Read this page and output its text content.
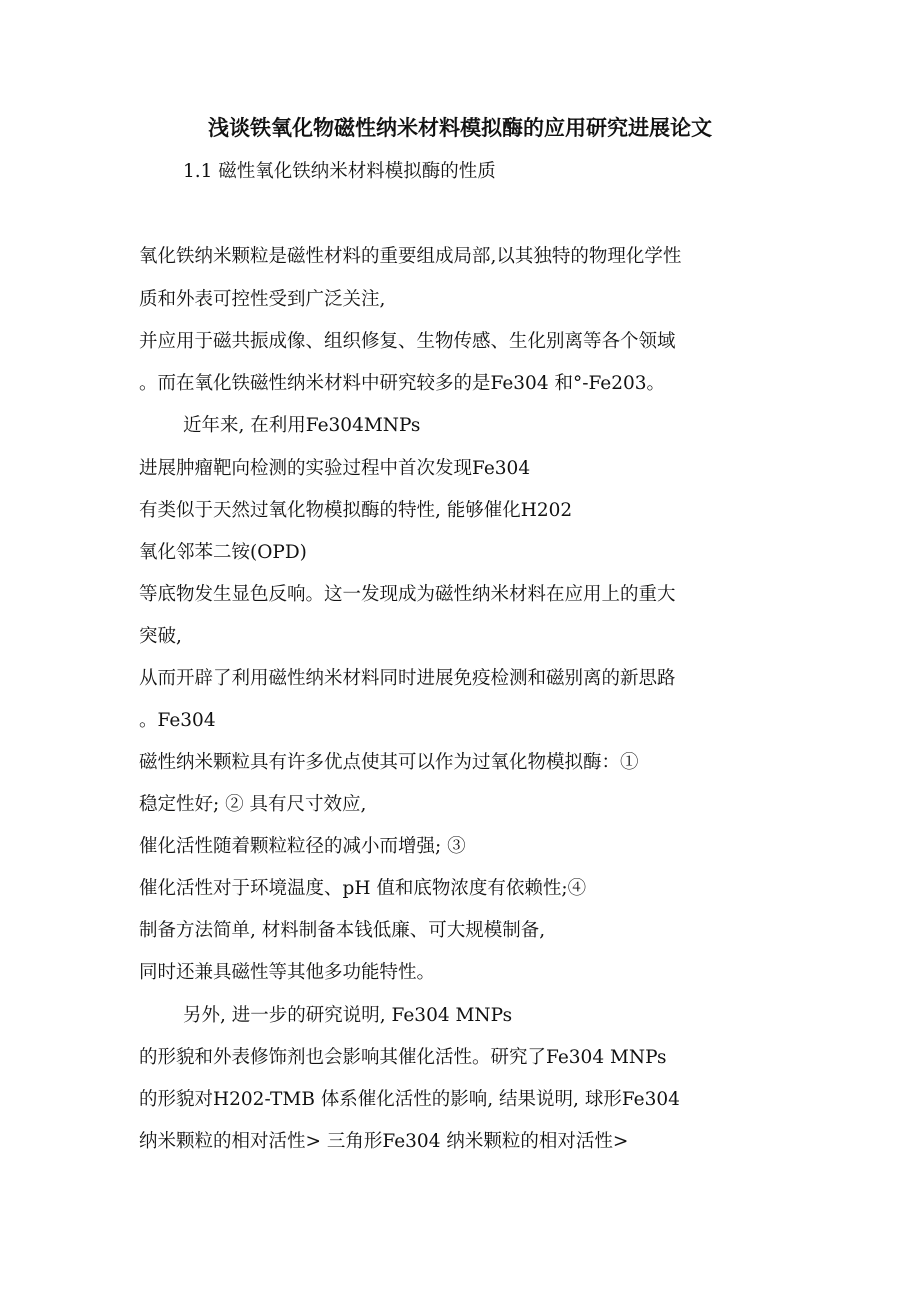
浅谈铁氧化物磁性纳米材料模拟酶的应用研究进展论文
1.1 磁性氧化铁纳米材料模拟酶的性质
氧化铁纳米颗粒是磁性材料的重要组成局部,以其独特的物理化学性
质和外表可控性受到广泛关注,
并应用于磁共振成像、组织修复、生物传感、生化别离等各个领域
。而在氧化铁磁性纳米材料中研究较多的是Fe304 和°-Fe203。
近年来, 在利用Fe304MNPs
进展肿瘤靶向检测的实验过程中首次发现Fe304
有类似于天然过氧化物模拟酶的特性, 能够催化H202
氧化邻苯二铵(OPD)
等底物发生显色反响。这一发现成为磁性纳米材料在应用上的重大
突破,
从而开辟了利用磁性纳米材料同时进展免疫检测和磁别离的新思路
。Fe304
磁性纳米颗粒具有许多优点使其可以作为过氧化物模拟酶：①
稳定性好; ② 具有尺寸效应,
催化活性随着颗粒粒径的减小而增强; ③
催化活性对于环境温度、pH 值和底物浓度有依赖性;④
制备方法简单, 材料制备本钱低廉、可大规模制备,
同时还兼具磁性等其他多功能特性。
另外, 进一步的研究说明, Fe304 MNPs
的形貌和外表修饰剂也会影响其催化活性。研究了Fe304 MNPs
的形貌对H202-TMB 体系催化活性的影响, 结果说明, 球形Fe304
纳米颗粒的相对活性> 三角形Fe304 纳米颗粒的相对活性>
